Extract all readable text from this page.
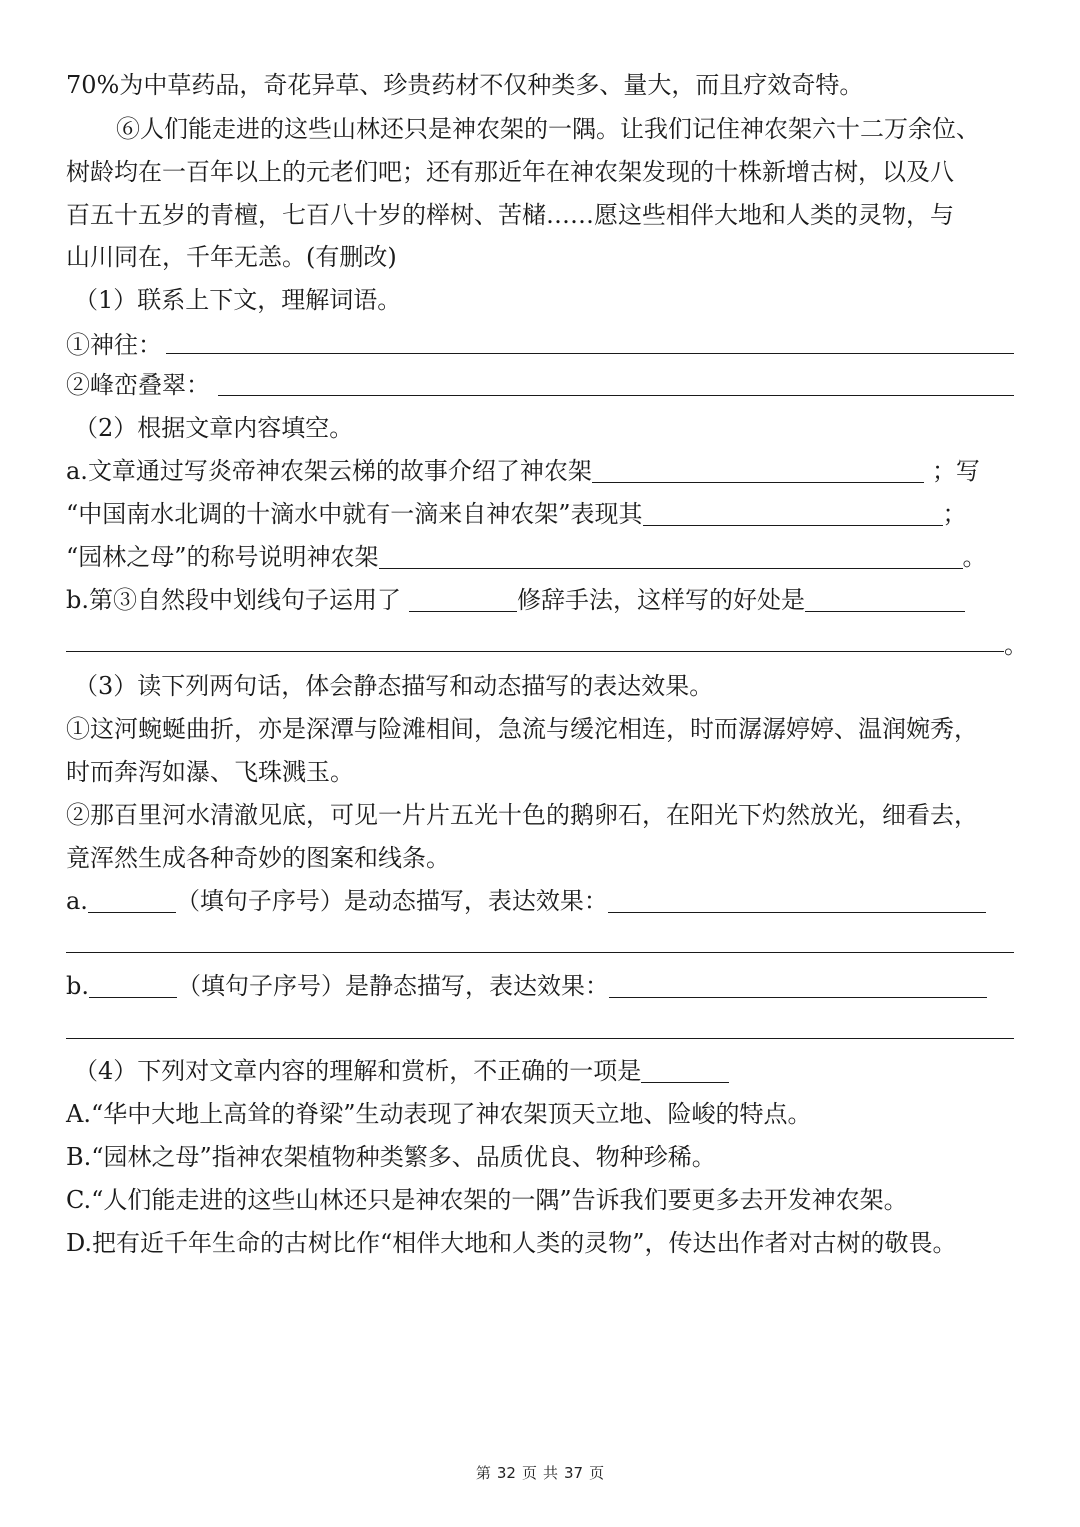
70%为中草药品，奇花异草、珍贵药材不仅种类多、量大，而且疗效奇特。
⑥人们能走进的这些山林还只是神农架的一隅。让我们记住神农架六十二万余位、
树龄均在一百年以上的元老们吧；还有那近年在神农架发现的十株新增古树，以及八
百五十五岁的青檀，七百八十岁的榉树、苦槠……愿这些相伴大地和人类的灵物，与
山川同在，千年无恙。(有删改)
（1）联系上下文，理解词语。
①神往：
②峰峦叠翠：
（2）根据文章内容填空。
a.文章通过写炎帝神农架云梯的故事介绍了神农架	；写
“中国南水北调的十滴水中就有一滴来自神农架”表现其	；
“园林之母”的称号说明神农架	。
b.第③自然段中划线句子运用了	修辞手法，这样写的好处是
。
（3）读下列两句话，体会静态描写和动态描写的表达效果。
①这河蜿蜒曲折，亦是深潭与险滩相间，急流与缓沱相连，时而潺潺婷婷、温润婉秀，
时而奔泻如瀑、飞珠溅玉。
②那百里河水清澈见底，可见一片片五光十色的鹅卵石，在阳光下灼然放光，细看去，
竟浑然生成各种奇妙的图案和线条。
a.	（填句子序号）是动态描写，表达效果：
b.	（填句子序号）是静态描写，表达效果：
（4）下列对文章内容的理解和赏析，不正确的一项是
A.“华中大地上高耸的脊梁”生动表现了神农架顶天立地、险峻的特点。
B.“园林之母”指神农架植物种类繁多、品质优良、物种珍稀。
C.“人们能走进的这些山林还只是神农架的一隅”告诉我们要更多去开发神农架。
D.把有近千年生命的古树比作“相伴大地和人类的灵物”，传达出作者对古树的敬畏。
第 32 页 共 37 页
